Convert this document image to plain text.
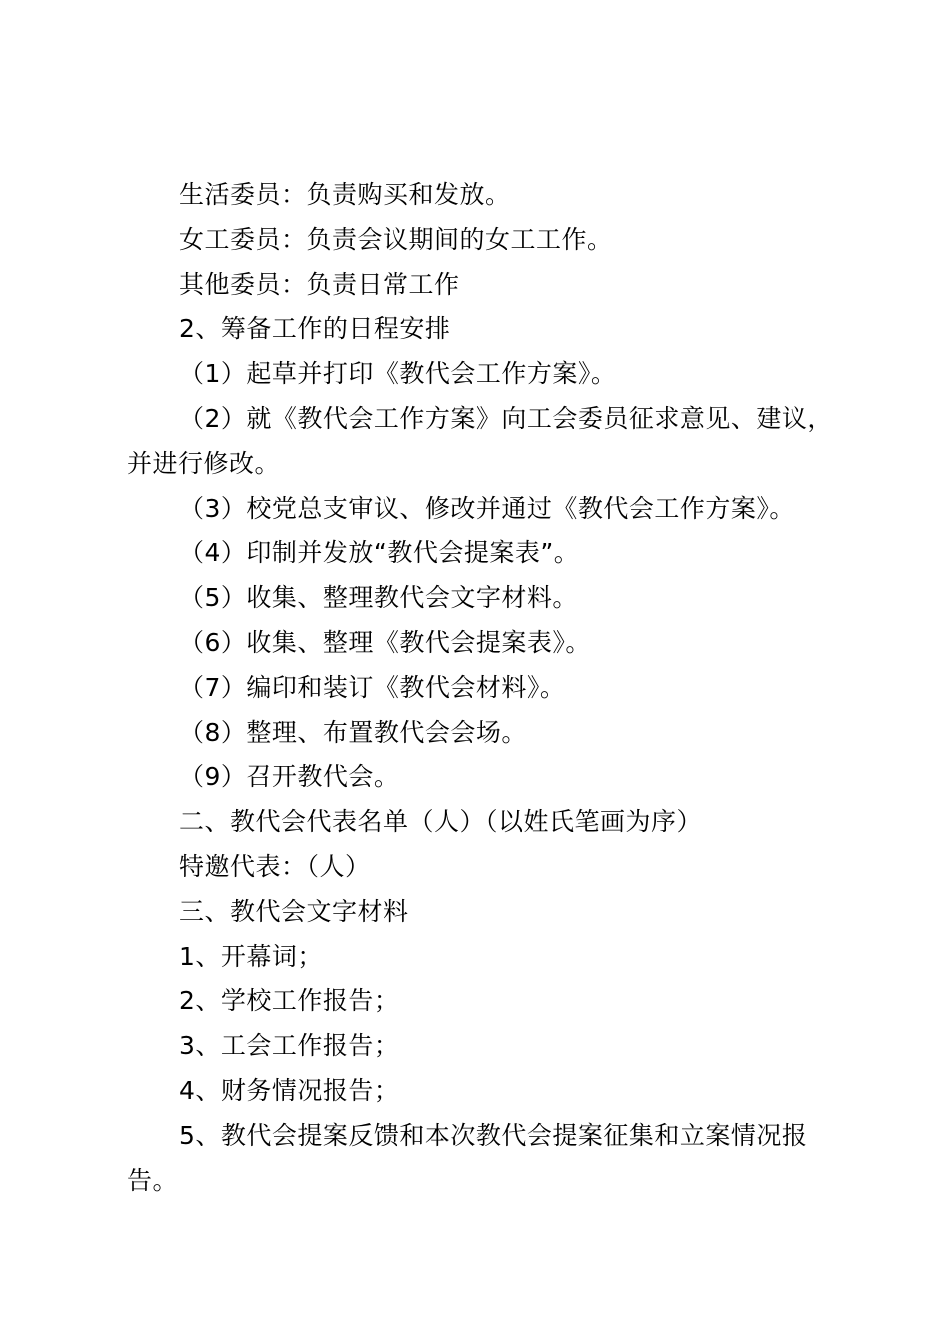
生活委员：负责购买和发放。

女工委员：负责会议期间的女工工作。

其他委员：负责日常工作

2、筹备工作的日程安排

（1）起草并打印《教代会工作方案》。

（2）就《教代会工作方案》向工会委员征求意见、建议，并进行修改。

（3）校党总支审议、修改并通过《教代会工作方案》。

（4）印制并发放“教代会提案表”。

（5）收集、整理教代会文字材料。

（6）收集、整理《教代会提案表》。

（7）编印和装订《教代会材料》。

（8）整理、布置教代会会场。

（9）召开教代会。

二、教代会代表名单（人）（以姓氏笔画为序）

特邀代表：（人）

三、教代会文字材料

1、开幕词；

2、学校工作报告；

3、工会工作报告；

4、财务情况报告；

5、教代会提案反馈和本次教代会提案征集和立案情况报告。
